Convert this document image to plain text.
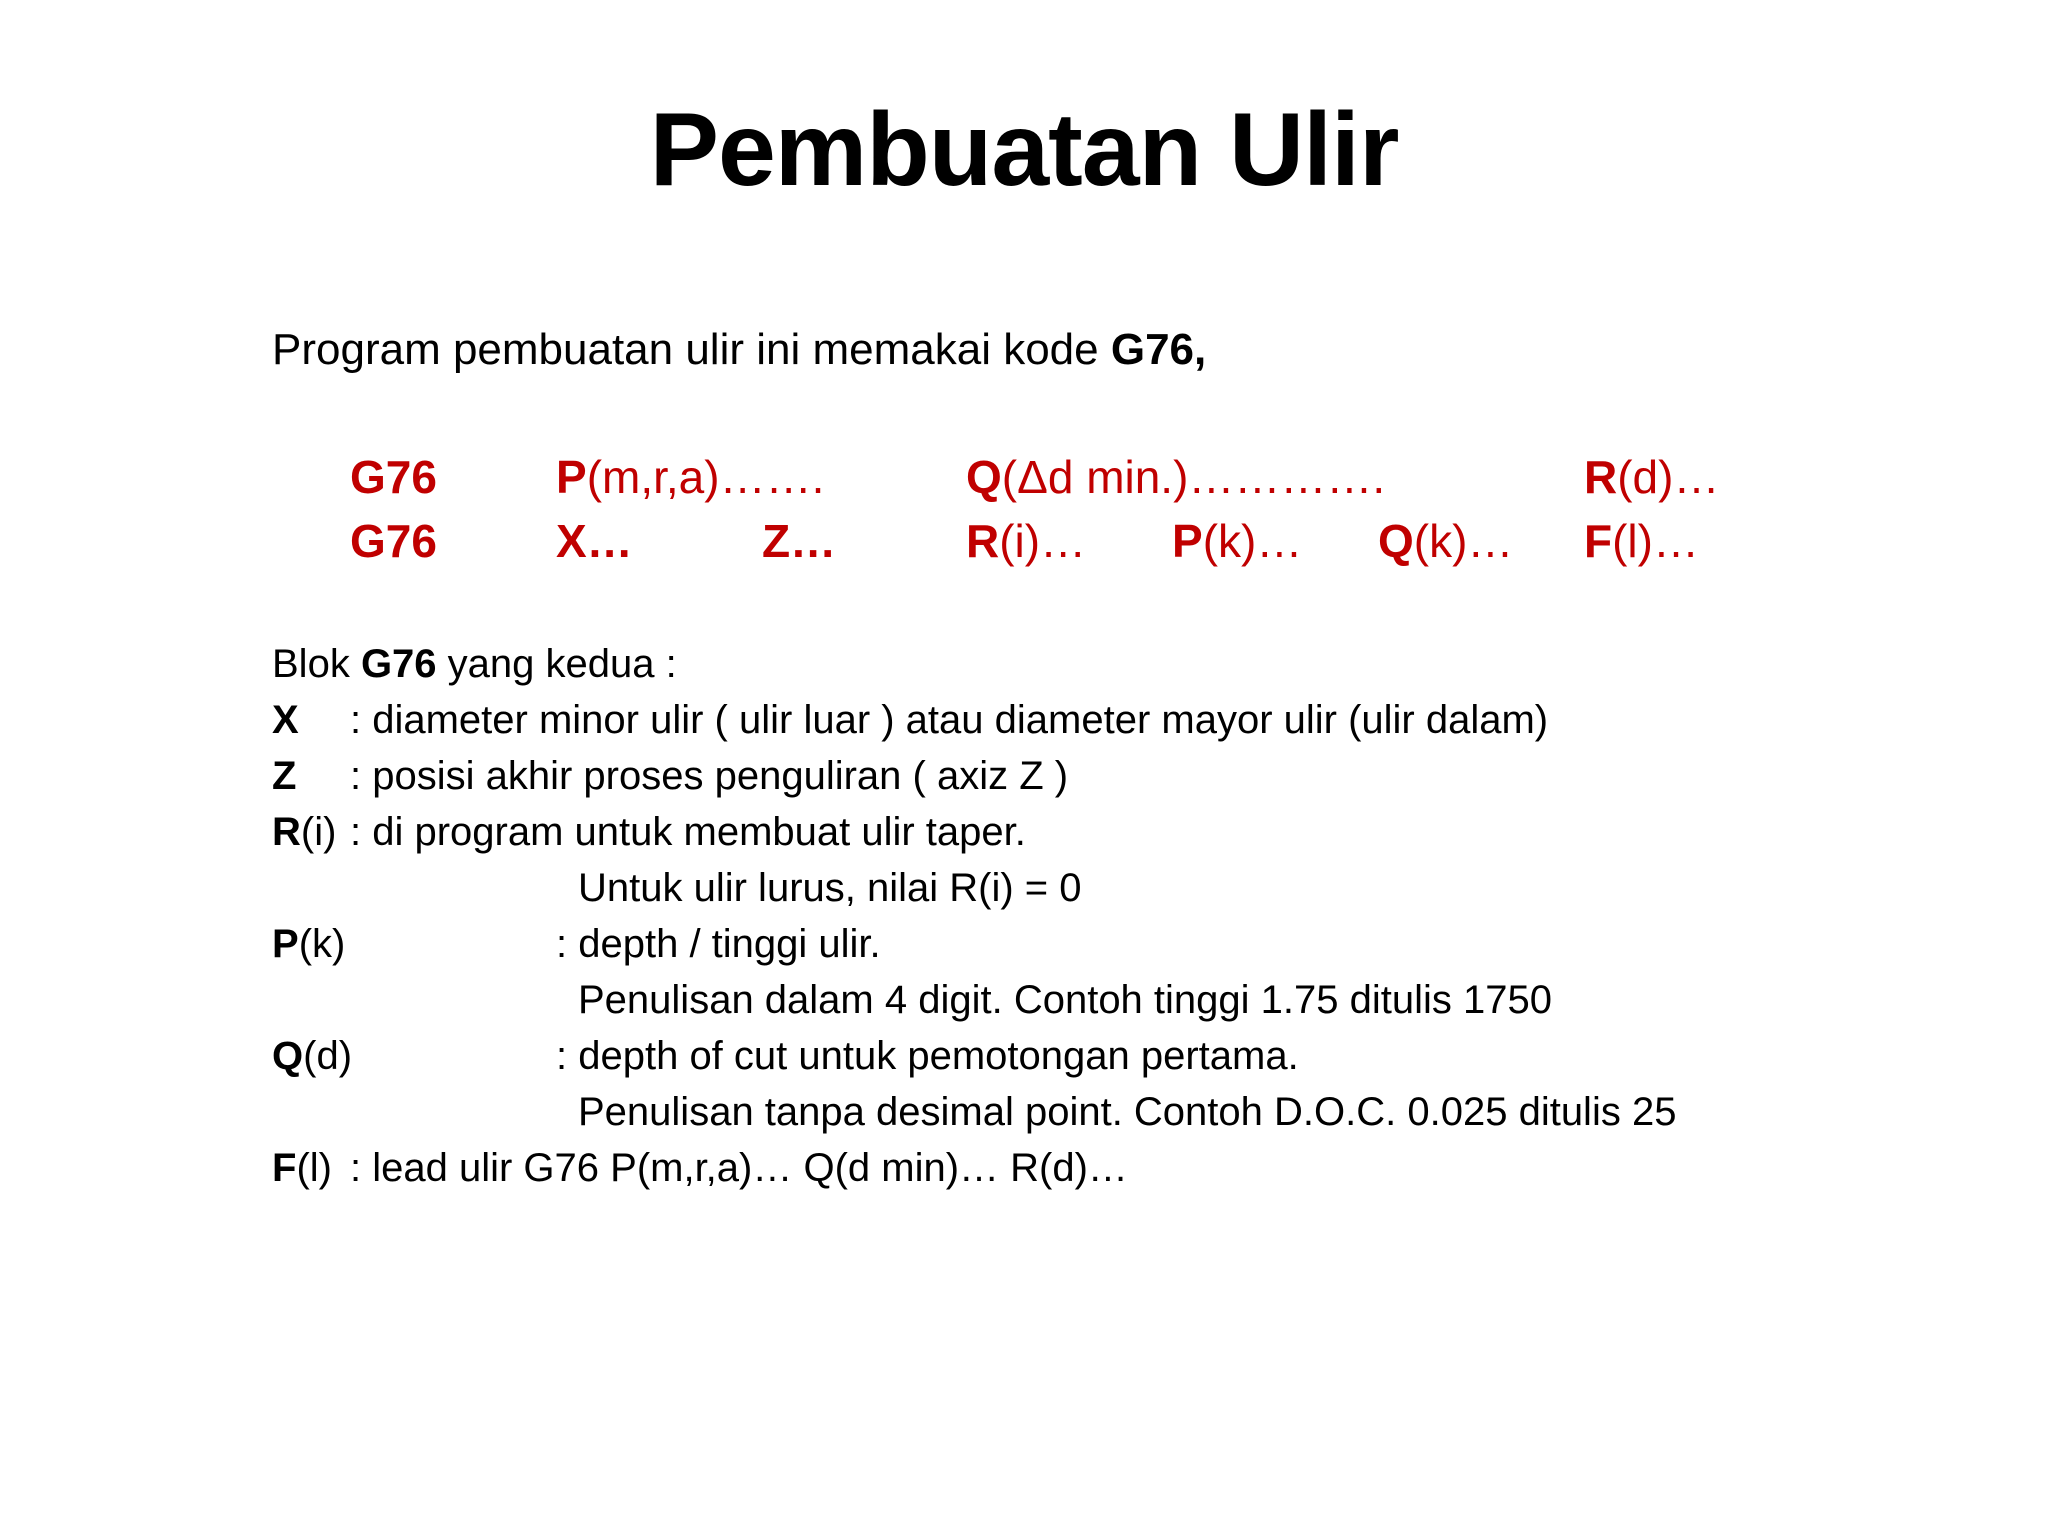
Pembuatan Ulir
Program pembuatan ulir ini memakai kode G76,
G76	P(m,r,a)…….	Q(Δd min.)………….	R(d)…
G76	X…	Z…	R(i)… P(k)… Q(k)… F(l)…
Blok G76 yang kedua :
X : diameter minor ulir ( ulir luar ) atau diameter mayor ulir (ulir dalam)
Z : posisi akhir proses penguliran ( axiz Z )
R(i) : di program untuk membuat ulir taper.
Untuk ulir lurus, nilai R(i) = 0
P(k)	: depth / tinggi ulir.
Penulisan dalam 4 digit. Contoh tinggi 1.75 ditulis 1750
Q(d)	: depth of cut untuk pemotongan pertama.
Penulisan tanpa desimal point. Contoh D.O.C. 0.025 ditulis 25
F(l) : lead ulir G76 P(m,r,a)… Q(d min)… R(d)…
